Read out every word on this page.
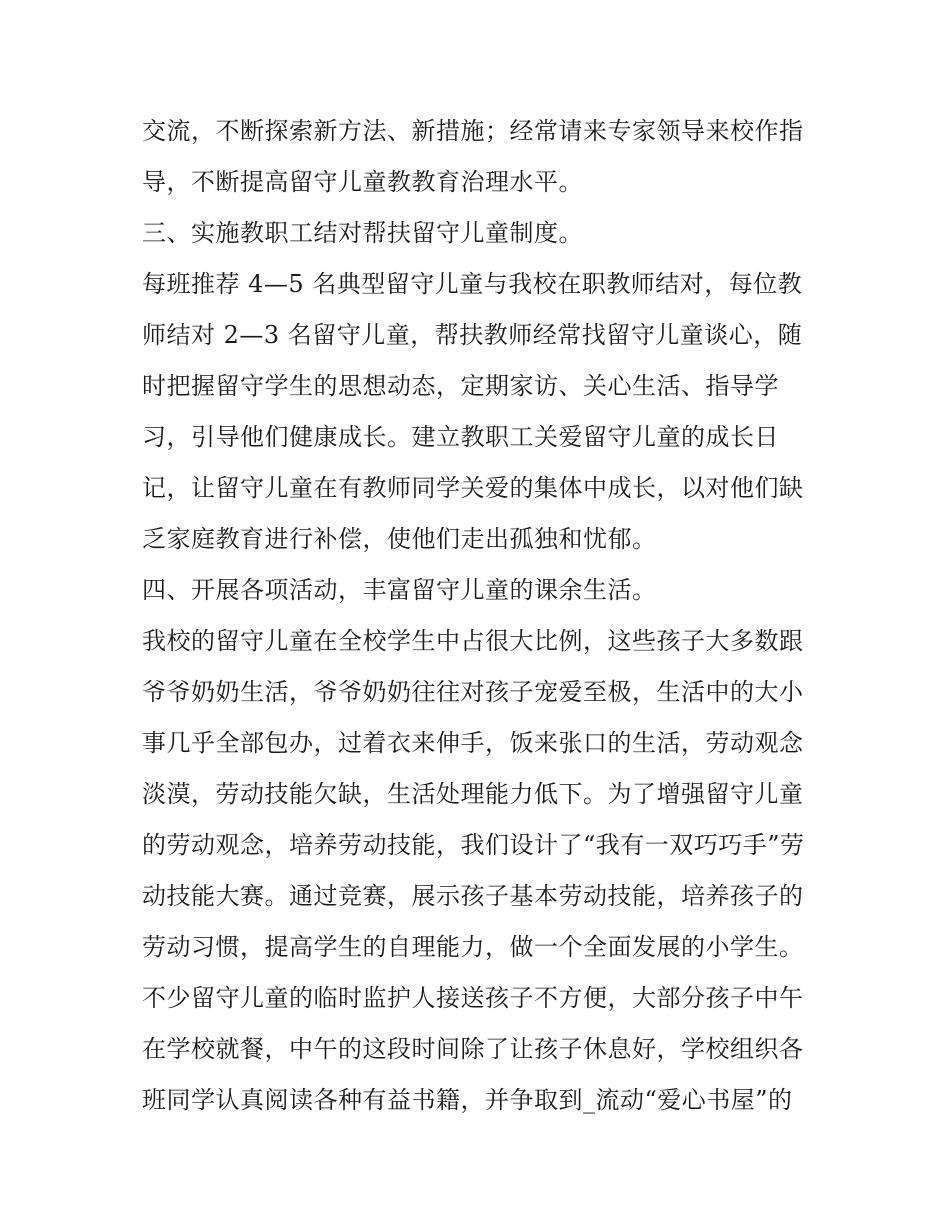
交流，不断探索新方法、新措施；经常请来专家领导来校作指
导，不断提高留守儿童教教育治理水平。
三、实施教职工结对帮扶留守儿童制度。
每班推荐 4—5 名典型留守儿童与我校在职教师结对，每位教
师结对 2—3 名留守儿童，帮扶教师经常找留守儿童谈心，随
时把握留守学生的思想动态，定期家访、关心生活、指导学
习，引导他们健康成长。建立教职工关爱留守儿童的成长日
记，让留守儿童在有教师同学关爱的集体中成长，以对他们缺
乏家庭教育进行补偿，使他们走出孤独和忧郁。
四、开展各项活动，丰富留守儿童的课余生活。
我校的留守儿童在全校学生中占很大比例，这些孩子大多数跟
爷爷奶奶生活，爷爷奶奶往往对孩子宠爱至极，生活中的大小
事几乎全部包办，过着衣来伸手，饭来张口的生活，劳动观念
淡漠，劳动技能欠缺，生活处理能力低下。为了增强留守儿童
的劳动观念，培养劳动技能，我们设计了“我有一双巧巧手”劳
动技能大赛。通过竞赛，展示孩子基本劳动技能，培养孩子的
劳动习惯，提高学生的自理能力，做一个全面发展的小学生。
不少留守儿童的临时监护人接送孩子不方便，大部分孩子中午
在学校就餐，中午的这段时间除了让孩子休息好，学校组织各
班同学认真阅读各种有益书籍，并争取到_流动“爱心书屋”的
